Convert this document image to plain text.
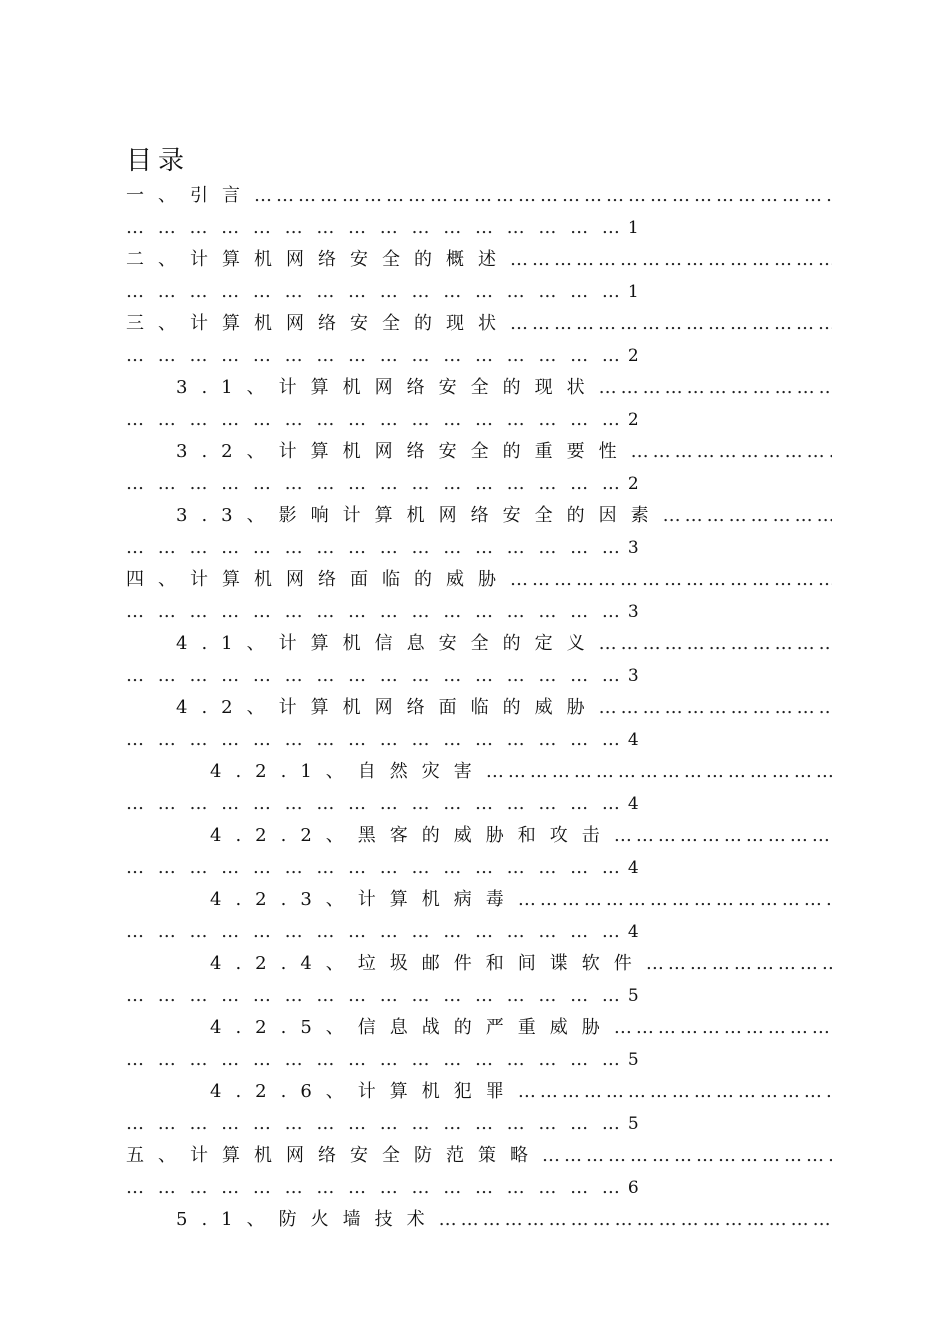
目录
一、引言
…………………………………………………………………………………………………………………………………
… … … … … … … … … … … … … … … … 1
二、计算机网络安全的概述
…………………………………………………………………………………………………………………………………
… … … … … … … … … … … … … … … … 1
三、计算机网络安全的现状
…………………………………………………………………………………………………………………………………
… … … … … … … … … … … … … … … … 2
3.1、计算机网络安全的现状
…………………………………………………………………………………………………………………………………
… … … … … … … … … … … … … … … … 2
3.2、计算机网络安全的重要性
…………………………………………………………………………………………………………………………………
… … … … … … … … … … … … … … … … 2
3.3、影响计算机网络安全的因素
…………………………………………………………………………………………………………………………………
… … … … … … … … … … … … … … … … 3
四、计算机网络面临的威胁
…………………………………………………………………………………………………………………………………
… … … … … … … … … … … … … … … … 3
4.1、计算机信息安全的定义
…………………………………………………………………………………………………………………………………
… … … … … … … … … … … … … … … … 3
4.2、计算机网络面临的威胁
…………………………………………………………………………………………………………………………………
… … … … … … … … … … … … … … … … 4
4.2.1、自然灾害
…………………………………………………………………………………………………………………………………
… … … … … … … … … … … … … … … … 4
4.2.2、黑客的威胁和攻击
…………………………………………………………………………………………………………………………………
… … … … … … … … … … … … … … … … 4
4.2.3、计算机病毒
…………………………………………………………………………………………………………………………………
… … … … … … … … … … … … … … … … 4
4.2.4、垃圾邮件和间谍软件
…………………………………………………………………………………………………………………………………
… … … … … … … … … … … … … … … … 5
4.2.5、信息战的严重威胁
…………………………………………………………………………………………………………………………………
… … … … … … … … … … … … … … … … 5
4.2.6、计算机犯罪
…………………………………………………………………………………………………………………………………
… … … … … … … … … … … … … … … … 5
五、计算机网络安全防范策略
…………………………………………………………………………………………………………………………………
… … … … … … … … … … … … … … … … 6
5.1、防火墙技术
…………………………………………………………………………………………………………………………………
